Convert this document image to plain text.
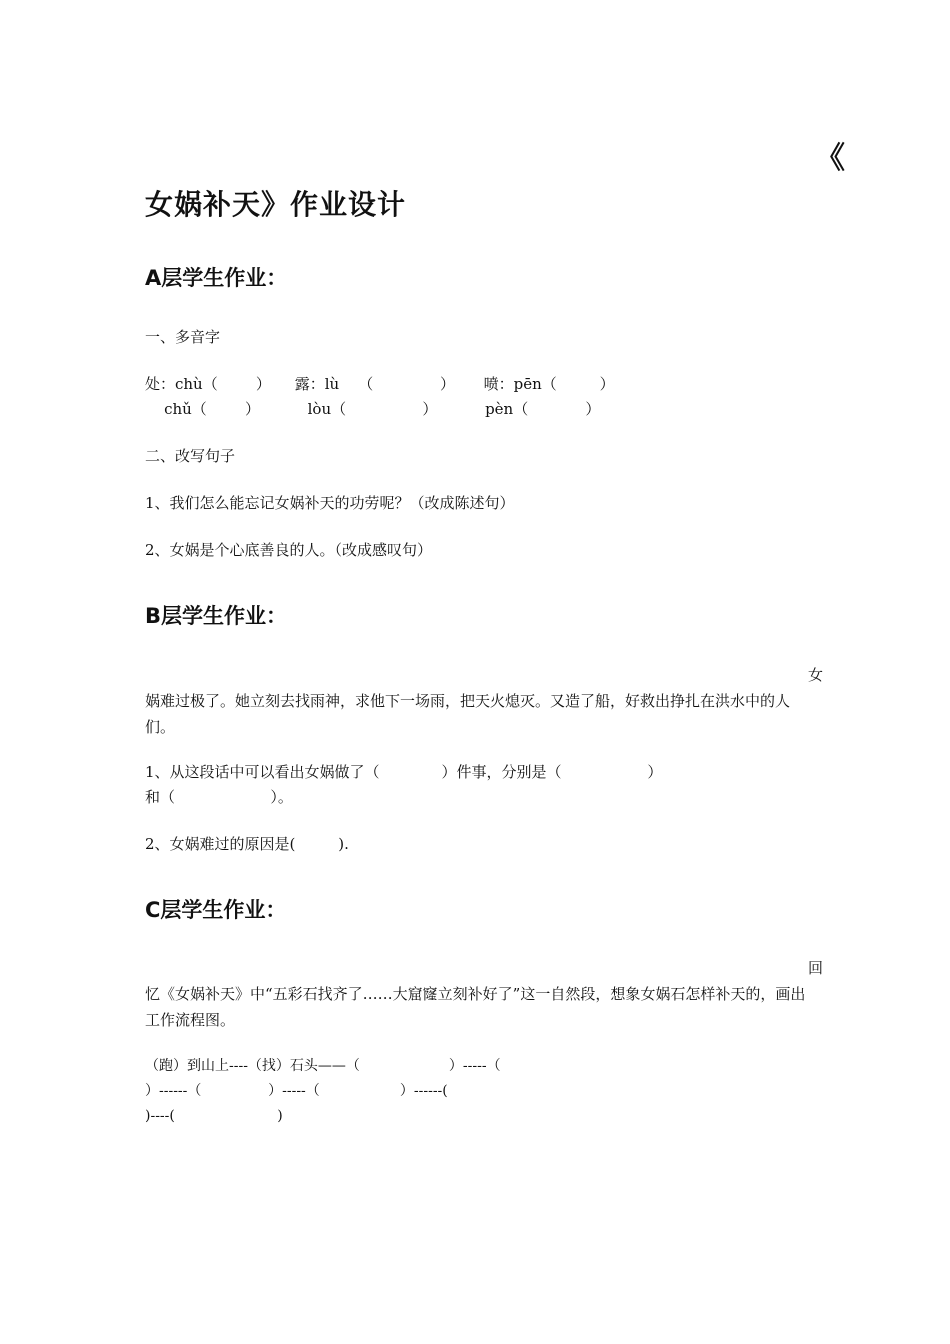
《
女娲补天》作业设计
A层学生作业：
一、多音字
处：chù（        ）     露：lù    （              ）      喷：pēn（         ）
chǔ（        ）          lòu（                ）          pèn（            ）
二、改写句子
1、我们怎么能忘记女娲补天的功劳呢？（改成陈述句）
2、女娲是个心底善良的人。（改成感叹句）
B层学生作业：
女
娲难过极了。她立刻去找雨神，求他下一场雨，把天火熄灭。又造了船，好救出挣扎在洪水中的人们。
1、从这段话中可以看出女娲做了（             ）件事，分别是（                  ）
和（                    ）。
2、女娲难过的原因是(         ).
C层学生作业：
回
忆《女娲补天》中“五彩石找齐了……大窟窿立刻补好了”这一自然段，想象女娲石怎样补天的，画出工作流程图。
（跑）到山上----（找）石头——（                    ）-----（
）------（               ）-----（                  ）------(
)----(                       )
